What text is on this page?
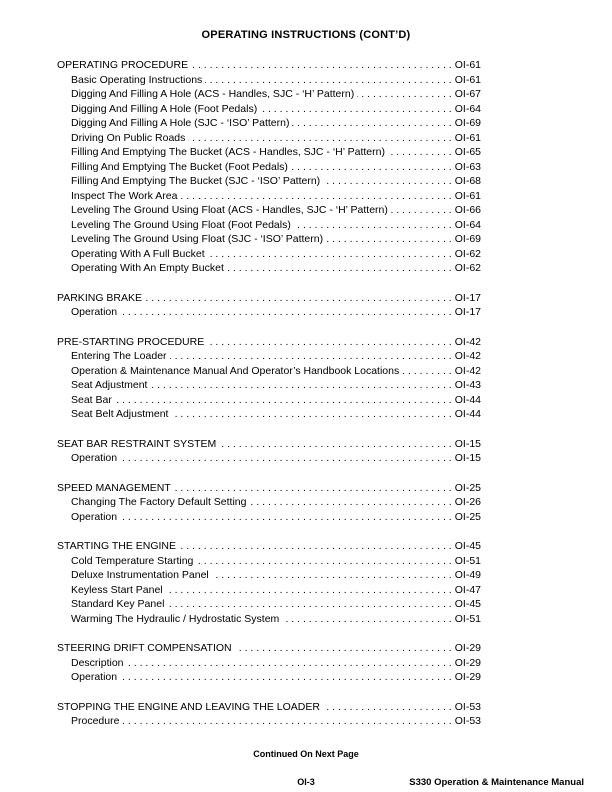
OPERATING INSTRUCTIONS (CONT’D)
OPERATING PROCEDURE . . .	OI-61
Basic Operating Instructions . . .	OI-61
Digging And Filling A Hole (ACS - Handles, SJC - ‘H’ Pattern) . . .	OI-67
Digging And Filling A Hole (Foot Pedals) . . .	OI-64
Digging And Filling A Hole (SJC - ‘ISO’ Pattern) . . .	OI-69
Driving On Public Roads . . .	OI-61
Filling And Emptying The Bucket (ACS - Handles, SJC - ‘H’ Pattern) . . .	OI-65
Filling And Emptying The Bucket (Foot Pedals) . . .	OI-63
Filling And Emptying The Bucket (SJC - ‘ISO’ Pattern) . . .	OI-68
Inspect The Work Area . . .	OI-61
Leveling The Ground Using Float (ACS - Handles, SJC - ‘H’ Pattern) . . .	OI-66
Leveling The Ground Using Float (Foot Pedals) . . .	OI-64
Leveling The Ground Using Float (SJC - ‘ISO’ Pattern) . . .	OI-69
Operating With A Full Bucket . . .	OI-62
Operating With An Empty Bucket . . .	OI-62
PARKING BRAKE . . .	OI-17
Operation . . .	OI-17
PRE-STARTING PROCEDURE . . .	OI-42
Entering The Loader . . .	OI-42
Operation & Maintenance Manual And Operator’s Handbook Locations . . .	OI-42
Seat Adjustment . . .	OI-43
Seat Bar . . .	OI-44
Seat Belt Adjustment . . .	OI-44
SEAT BAR RESTRAINT SYSTEM . . .	OI-15
Operation . . .	OI-15
SPEED MANAGEMENT . . .	OI-25
Changing The Factory Default Setting . . .	OI-26
Operation . . .	OI-25
STARTING THE ENGINE . . .	OI-45
Cold Temperature Starting . . .	OI-51
Deluxe Instrumentation Panel . . .	OI-49
Keyless Start Panel . . .	OI-47
Standard Key Panel . . .	OI-45
Warming The Hydraulic / Hydrostatic System . . .	OI-51
STEERING DRIFT COMPENSATION . . .	OI-29
Description . . .	OI-29
Operation . . .	OI-29
STOPPING THE ENGINE AND LEAVING THE LOADER . . .	OI-53
Procedure . . .	OI-53
Continued On Next Page
OI-3	S330 Operation & Maintenance Manual
